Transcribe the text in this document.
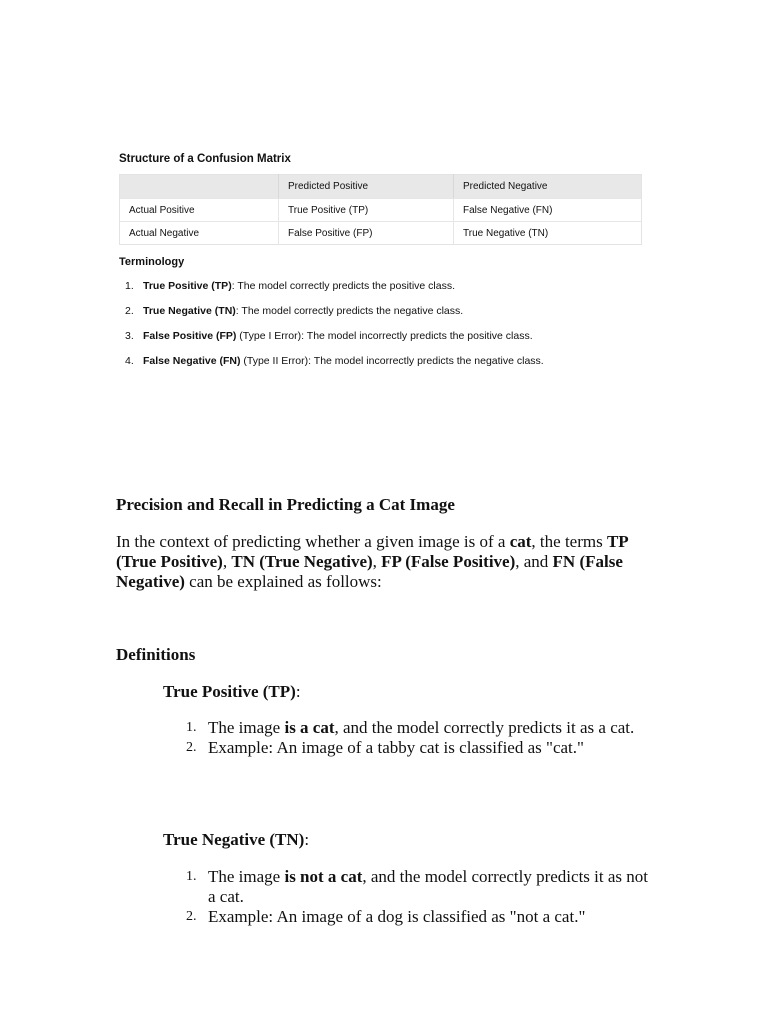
Structure of a Confusion Matrix
	Predicted Positive	Predicted Negative
Actual Positive	True Positive (TP)	False Negative (FN)
Actual Negative	False Positive (FP)	True Negative (TN)
Terminology
1. True Positive (TP): The model correctly predicts the positive class.
2. True Negative (TN): The model correctly predicts the negative class.
3. False Positive (FP) (Type I Error): The model incorrectly predicts the positive class.
4. False Negative (FN) (Type II Error): The model incorrectly predicts the negative class.
Precision and Recall in Predicting a Cat Image

In the context of predicting whether a given image is of a cat, the terms TP (True Positive), TN (True Negative), FP (False Positive), and FN (False Negative) can be explained as follows:

Definitions

True Positive (TP):

1. The image is a cat, and the model correctly predicts it as a cat.
2. Example: An image of a tabby cat is classified as "cat."

True Negative (TN):

1. The image is not a cat, and the model correctly predicts it as not a cat.
2. Example: An image of a dog is classified as "not a cat."
